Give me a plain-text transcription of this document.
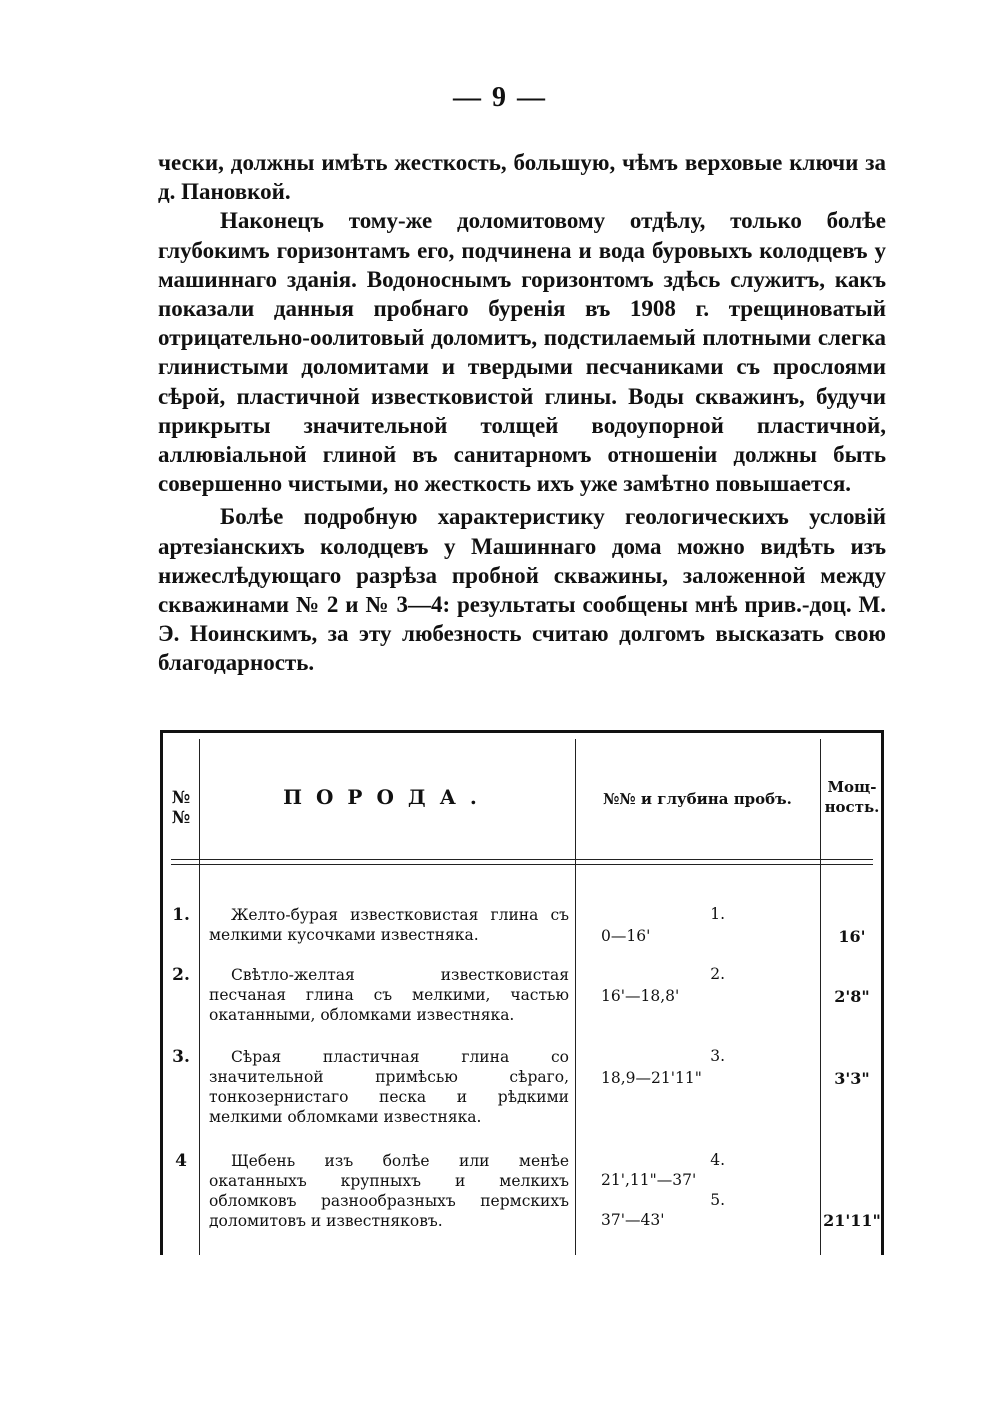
— 9 —

чески, должны имѣть жесткость, большую, чѣмъ верховые ключи за д. Пановкой.

Наконецъ тому-же доломитовому отдѣлу, только болѣе глубокимъ горизонтамъ его, подчинена и вода буровыхъ колодцевъ у машиннаго зданія. Водоноснымъ горизонтомъ здѣсь служитъ, какъ показали данныя пробнаго буренія въ 1908 г. трещиноватый отрицательно-оолитовый доломитъ, подстилаемый плотными слегка глинистыми доломитами и твердыми песчаниками съ прослоями сѣрой, пластичной известковистой глины. Воды скважинъ, будучи прикрыты значительной толщей водоупорной пластичной, аллювіальной глиной въ санитарномъ отношеніи должны быть совершенно чистыми, но жесткость ихъ уже замѣтно повышается.

Болѣе подробную характеристику геологическихъ условій артезіанскихъ колодцевъ у Машиннаго дома можно видѣть изъ нижеслѣдующаго разрѣза пробной скважины, заложенной между скважинами № 2 и № 3—4: результаты сообщены мнѣ прив.-доц. М. Э. Ноинскимъ, за эту любезность считаю долгомъ высказать свою благодарность.

№№
ПОРОДА.	№№ и глубина пробъ.
Мощ-
ность.
1.	Желто-бурая известковистая глина съ мелкими кусочками известняка.
1.
0—16'	16'
2.	Свѣтло-желтая известковистая песчаная глина съ мелкими, частью окатанными, обломками известняка.
2.
16'—18,8'	2'8"
3.	Сѣрая пластичная глина со значительной примѣсью сѣраго, тонкозернистаго песка и рѣдкими мелкими обломками известняка.
3.
18,9—21'11"	3'3"
4	Щебень изъ болѣе или менѣе окатанныхъ крупныхъ и мелкихъ обломковъ разнообразныхъ пермскихъ доломитовъ и известняковъ.
4.
21',11"—37'
5.
37'—43'	21'11"
